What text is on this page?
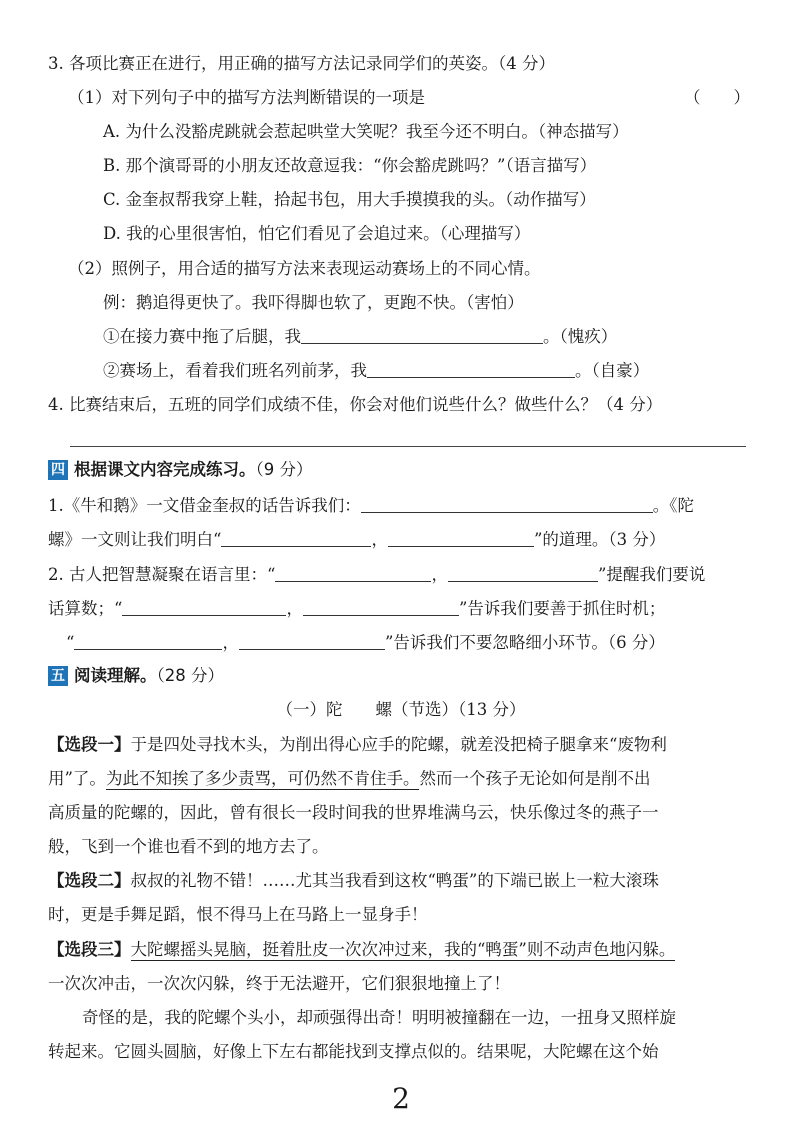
3. 各项比赛正在进行，用正确的描写方法记录同学们的英姿。（4 分）
（1）对下列句子中的描写方法判断错误的一项是	（　　）
A. 为什么没豁虎跳就会惹起哄堂大笑呢？我至今还不明白。（神态描写）
B. 那个演哥哥的小朋友还故意逗我：“你会豁虎跳吗？”（语言描写）
C. 金奎叔帮我穿上鞋，拾起书包，用大手摸摸我的头。（动作描写）
D. 我的心里很害怕，怕它们看见了会追过来。（心理描写）
（2）照例子，用合适的描写方法来表现运动赛场上的不同心情。
例：鹅追得更快了。我吓得脚也软了，更跑不快。（害怕）
①在接力赛中拖了后腿，我	。（愧疚）
②赛场上，看着我们班名列前茅，我	。（自豪）
4. 比赛结束后，五班的同学们成绩不佳，你会对他们说些什么？做些什么？（4 分）
四 根据课文内容完成练习。（9 分）
1.《牛和鹅》一文借金奎叔的话告诉我们：	。《陀
螺》一文则让我们明白“	，	”的道理。（3 分）
2. 古人把智慧凝聚在语言里：“	，	”提醒我们要说
话算数；“	，	”告诉我们要善于抓住时机；
“	，	”告诉我们不要忽略细小环节。（6 分）
五 阅读理解。（28 分）
（一）陀　　螺（节选）（13 分）
【选段一】于是四处寻找木头，为削出得心应手的陀螺，就差没把椅子腿拿来“废物利
用”了。为此不知挨了多少责骂，可仍然不肯住手。然而一个孩子无论如何是削不出
高质量的陀螺的，因此，曾有很长一段时间我的世界堆满乌云，快乐像过冬的燕子一
般，飞到一个谁也看不到的地方去了。
【选段二】叔叔的礼物不错！……尤其当我看到这枚“鸭蛋”的下端已嵌上一粒大滚珠
时，更是手舞足蹈，恨不得马上在马路上一显身手！
【选段三】大陀螺摇头晃脑，挺着肚皮一次次冲过来，我的“鸭蛋”则不动声色地闪躲。
一次次冲击，一次次闪躲，终于无法避开，它们狠狠地撞上了！
奇怪的是，我的陀螺个头小，却顽强得出奇！明明被撞翻在一边，一扭身又照样旋
转起来。它圆头圆脑，好像上下左右都能找到支撑点似的。结果呢，大陀螺在这个始
2
